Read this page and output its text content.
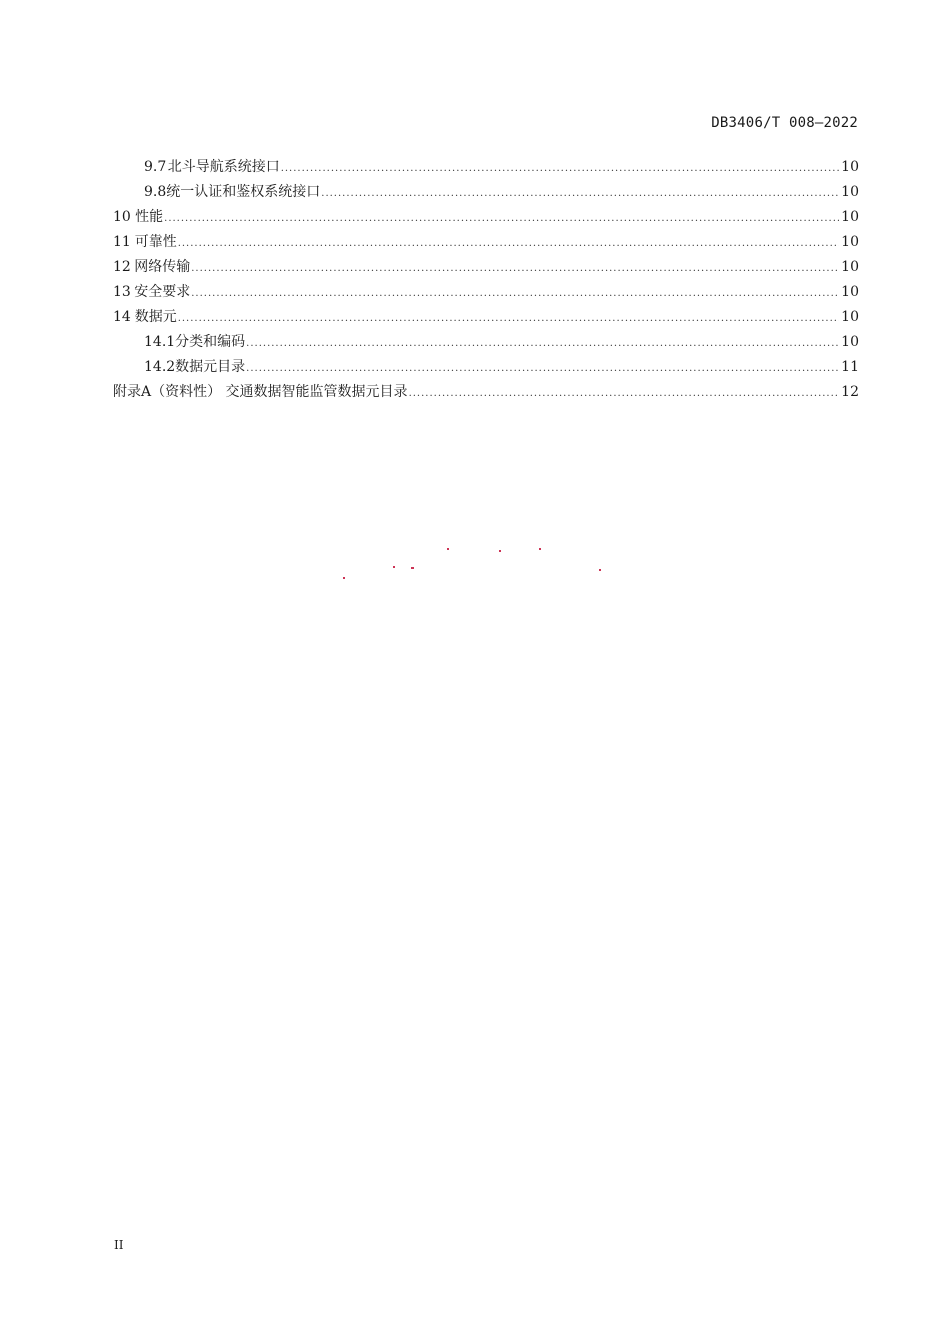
DB3406/T 008—2022
9.7 北斗导航系统接口 .....	10
9.8 统一认证和鉴权系统接口 .....	10
10 性能 .....	10
11 可靠性 .....	10
12 网络传输 .....	10
13 安全要求 .....	10
14 数据元 .....	10
14.1 分类和编码 .....	10
14.2 数据元目录 .....	11
附录A（资料性） 交通数据智能监管数据元目录 .....	12
II
